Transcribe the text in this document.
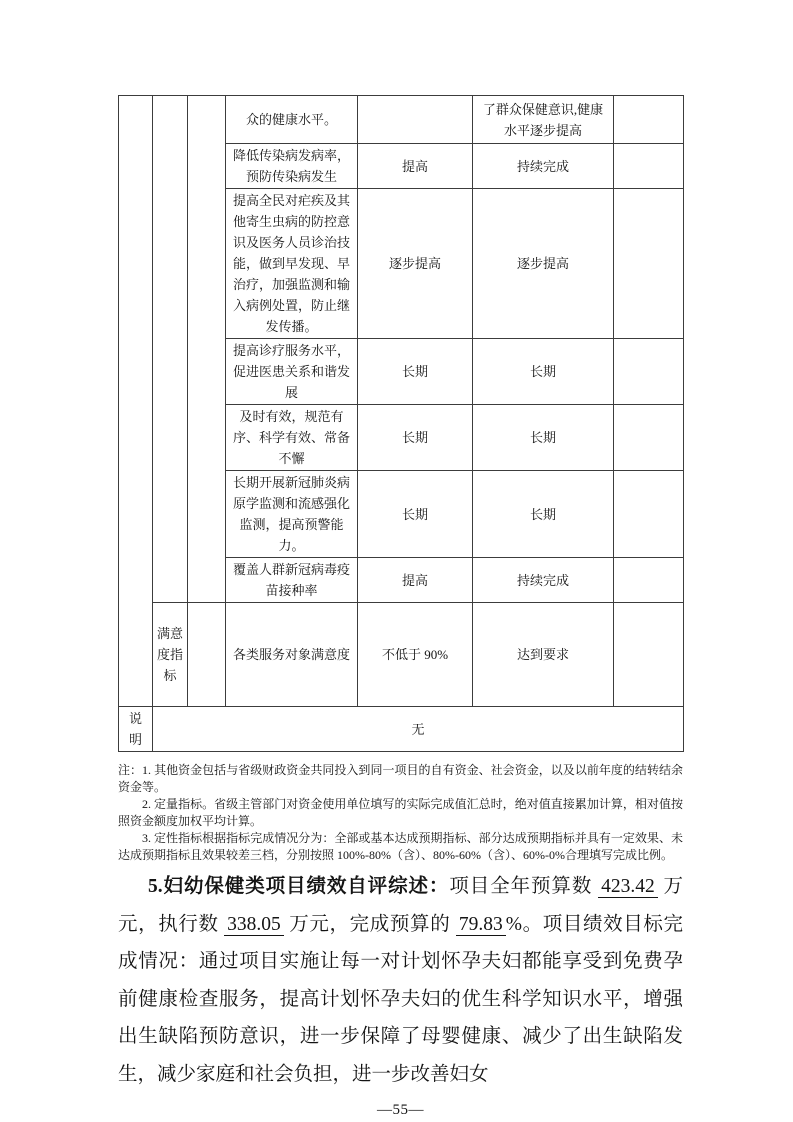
			众的健康水平。		了群众保健意识,健康水平逐步提高	
			降低传染病发病率，预防传染病发生	提高	持续完成	
			提高全民对疟疾及其他寄生虫病的防控意识及医务人员诊治技能，做到早发现、早治疗，加强监测和输入病例处置，防止继发传播。	逐步提高	逐步提高	
			提高诊疗服务水平，促进医患关系和谐发展	长期	长期	
			及时有效，规范有序、科学有效、常备不懈	长期	长期	
			长期开展新冠肺炎病原学监测和流感强化监测，提高预警能力。	长期	长期	
			覆盖人群新冠病毒疫苗接种率	提高	持续完成	
	满意度指标		各类服务对象满意度	不低于 90%	达到要求	
说明	无					

注：1. 其他资金包括与省级财政资金共同投入到同一项目的自有资金、社会资金，以及以前年度的结转结余资金等。

2. 定量指标。省级主管部门对资金使用单位填写的实际完成值汇总时，绝对值直接累加计算，相对值按照资金额度加权平均计算。

3. 定性指标根据指标完成情况分为：全部或基本达成预期指标、部分达成预期指标并具有一定效果、未达成预期指标且效果较差三档，分别按照 100%-80%（含）、80%-60%（含）、60%-0%合理填写完成比例。

5.妇幼保健类项目绩效自评综述：项目全年预算数 423.42 万元，执行数 338.05 万元，完成预算的 79.83 %。项目绩效目标完成情况：通过项目实施让每一对计划怀孕夫妇都能享受到免费孕前健康检查服务，提高计划怀孕夫妇的优生科学知识水平，增强出生缺陷预防意识，进一步保障了母婴健康、减少了出生缺陷发生，减少家庭和社会负担，进一步改善妇女

—55—
